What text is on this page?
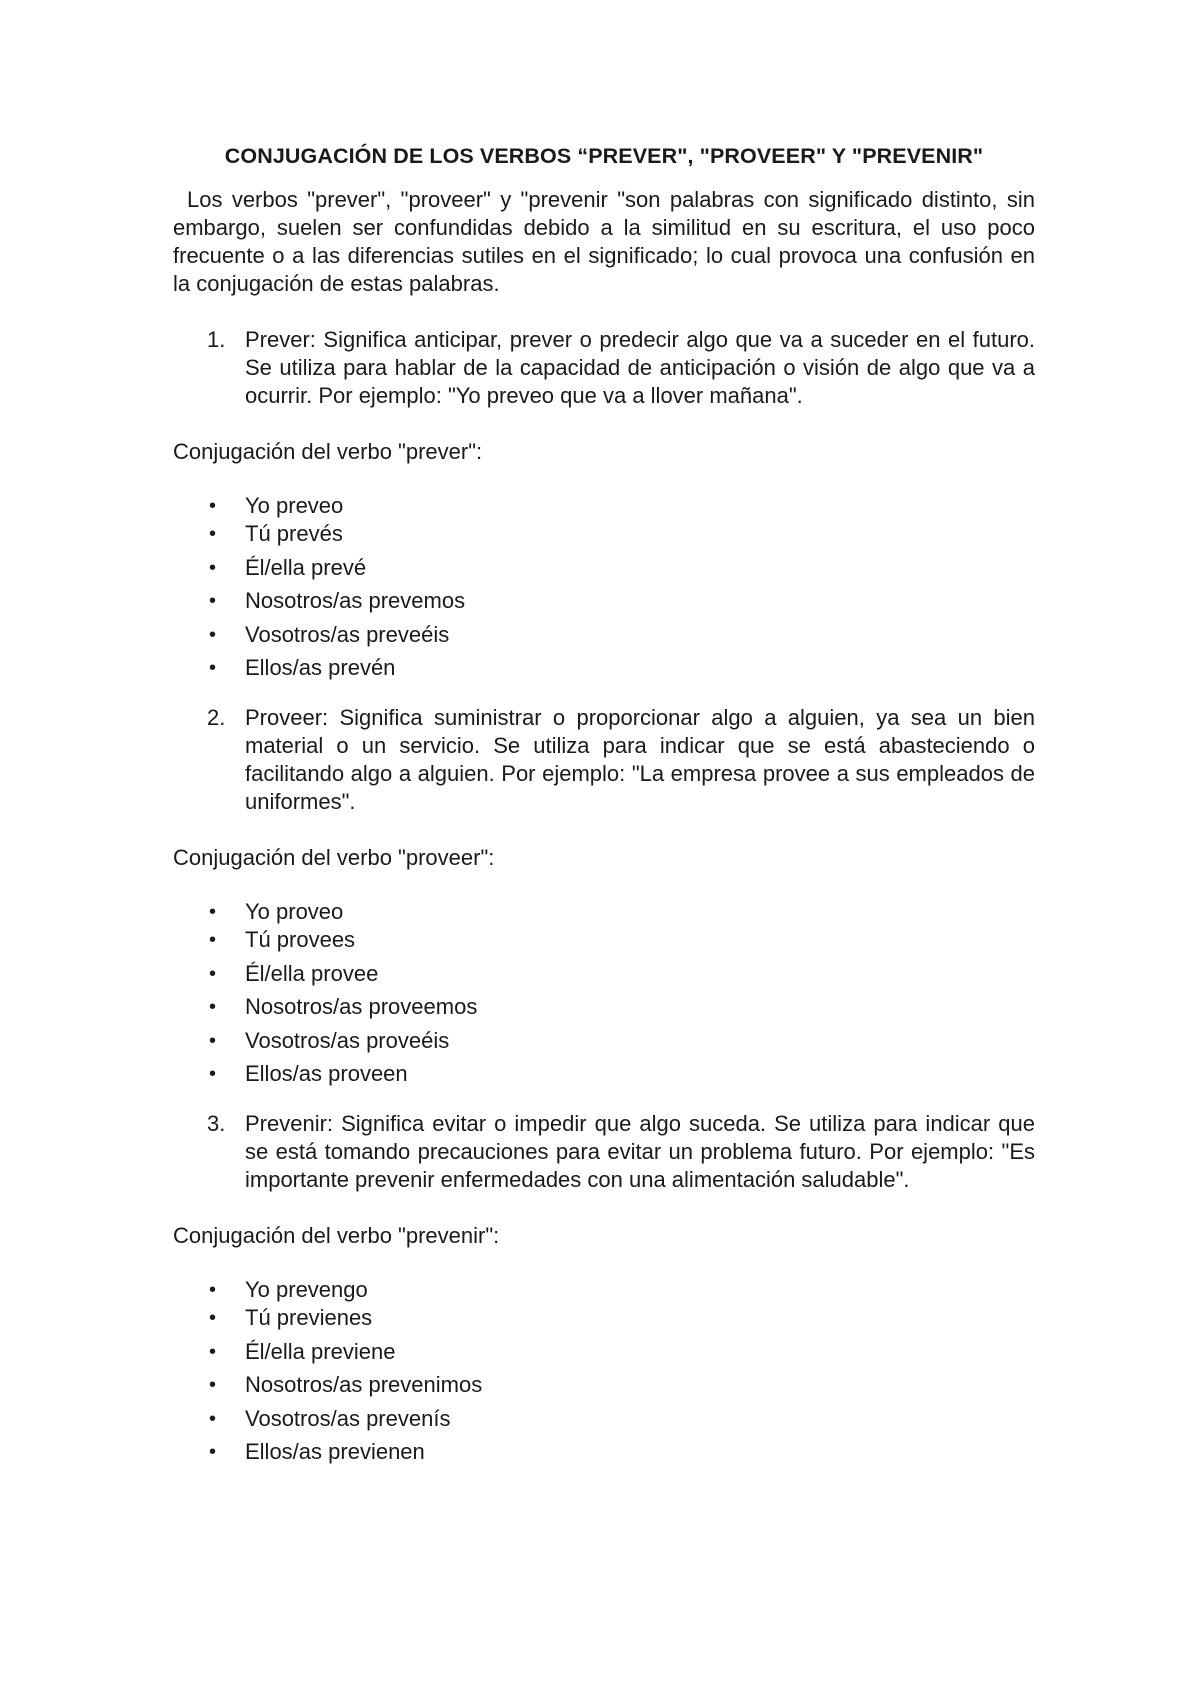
CONJUGACIÓN DE LOS VERBOS “PREVER", "PROVEER" Y "PREVENIR"

Los verbos "prever", "proveer" y "prevenir "son palabras con significado distinto, sin embargo, suelen ser confundidas debido a la similitud en su escritura, el uso poco frecuente o a las diferencias sutiles en el significado; lo cual provoca una confusión en la conjugación de estas palabras.

1. Prever: Significa anticipar, prever o predecir algo que va a suceder en el futuro. Se utiliza para hablar de la capacidad de anticipación o visión de algo que va a ocurrir. Por ejemplo: "Yo preveo que va a llover mañana".

Conjugación del verbo "prever":

• Yo preveo
• Tú prevés
• Él/ella prevé
• Nosotros/as prevemos
• Vosotros/as preveéis
• Ellos/as prevén
2. Proveer: Significa suministrar o proporcionar algo a alguien, ya sea un bien material o un servicio. Se utiliza para indicar que se está abasteciendo o facilitando algo a alguien. Por ejemplo: "La empresa provee a sus empleados de uniformes".

Conjugación del verbo "proveer":

• Yo proveo
• Tú provees
• Él/ella provee
• Nosotros/as proveemos
• Vosotros/as proveéis
• Ellos/as proveen
3. Prevenir: Significa evitar o impedir que algo suceda. Se utiliza para indicar que se está tomando precauciones para evitar un problema futuro. Por ejemplo: "Es importante prevenir enfermedades con una alimentación saludable".

Conjugación del verbo "prevenir":

• Yo prevengo
• Tú previenes
• Él/ella previene
• Nosotros/as prevenimos
• Vosotros/as prevenís
• Ellos/as previenen
